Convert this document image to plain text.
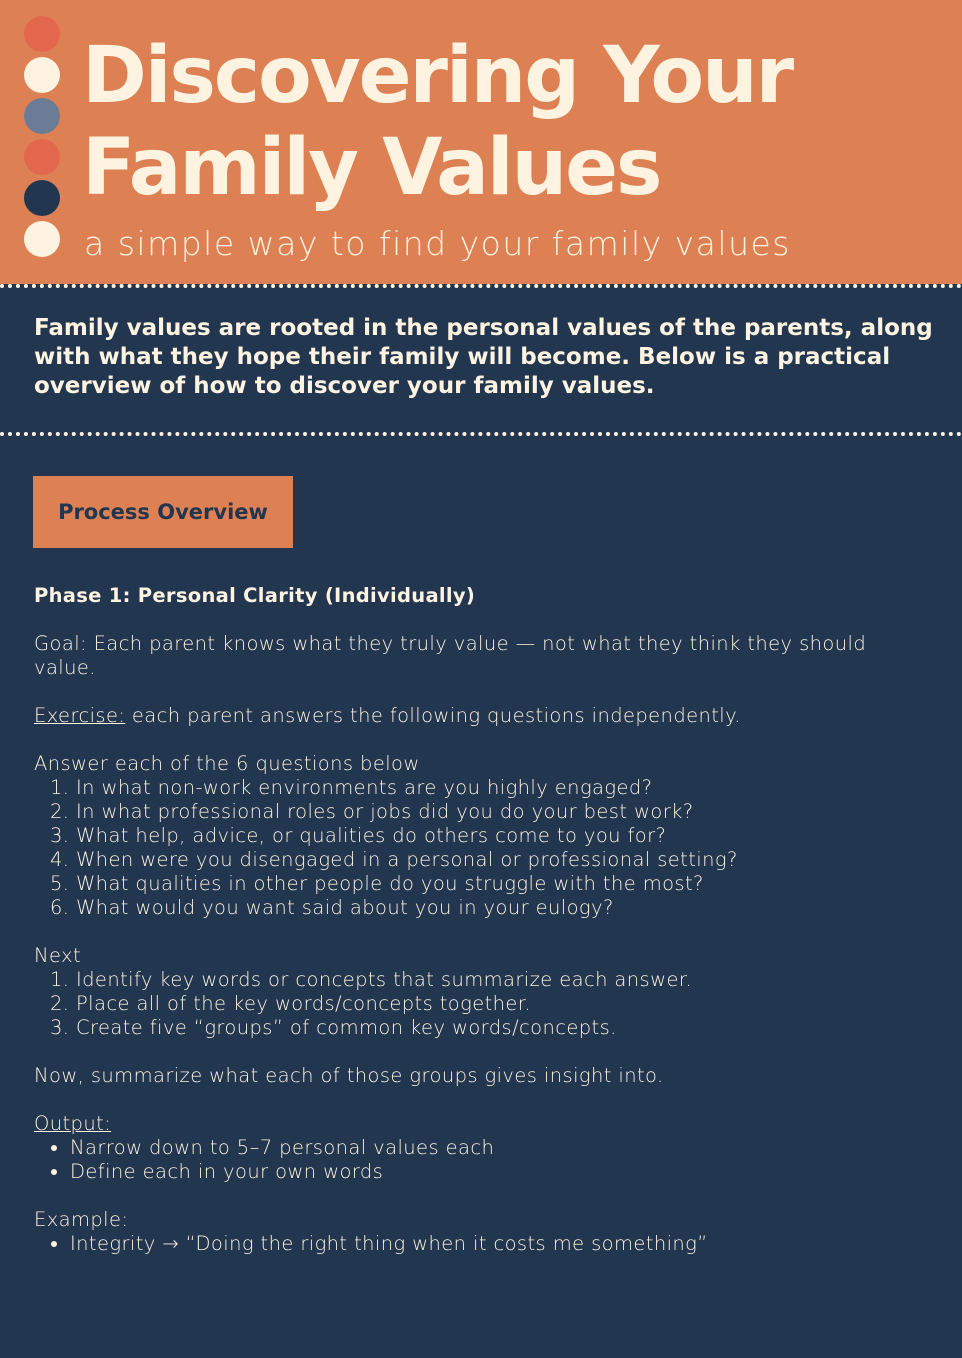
Discovering Your
Family Values
a simple way to find your family values

Family values are rooted in the personal values of the parents, along with what they hope their family will become. Below is a practical overview of how to discover your family values.

Process Overview

Phase 1: Personal Clarity (Individually)

Goal: Each parent knows what they truly value — not what they think they should value.

Exercise: each parent answers the following questions independently.

Answer each of the 6 questions below

1. In what non-work environments are you highly engaged?
2. In what professional roles or jobs did you do your best work?
3. What help, advice, or qualities do others come to you for?
4. When were you disengaged in a personal or professional setting?
5. What qualities in other people do you struggle with the most?
6. What would you want said about you in your eulogy?

Next

1. Identify key words or concepts that summarize each answer.
2. Place all of the key words/concepts together.
3. Create five “groups” of common key words/concepts.

Now, summarize what each of those groups gives insight into.

Output:

• Narrow down to 5–7 personal values each
• Define each in your own words

Example:

• Integrity → “Doing the right thing when it costs me something”
